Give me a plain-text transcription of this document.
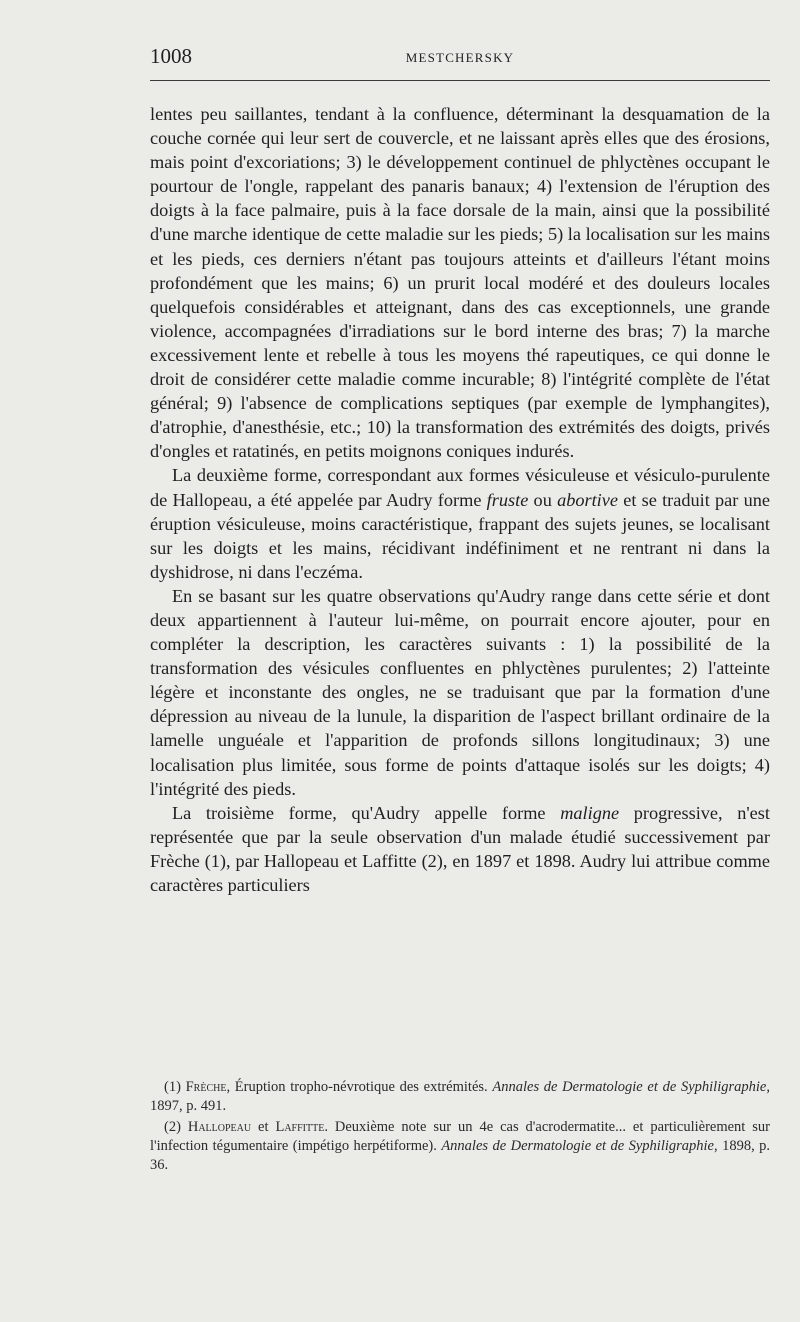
1008	MESTCHERSKY

lentes peu saillantes, tendant à la confluence, déterminant la desquamation de la couche cornée qui leur sert de couvercle, et ne laissant après elles que des érosions, mais point d'excoriations; 3) le développement continuel de phlyctènes occupant le pourtour de l'ongle, rappelant des panaris banaux; 4) l'extension de l'éruption des doigts à la face palmaire, puis à la face dorsale de la main, ainsi que la possibilité d'une marche identique de cette maladie sur les pieds; 5) la localisation sur les mains et les pieds, ces derniers n'étant pas toujours atteints et d'ailleurs l'étant moins profondément que les mains; 6) un prurit local modéré et des douleurs locales quelquefois considérables et atteignant, dans des cas exceptionnels, une grande violence, accompagnées d'irradiations sur le bord interne des bras; 7) la marche excessivement lente et rebelle à tous les moyens thé rapeutiques, ce qui donne le droit de considérer cette maladie comme incurable; 8) l'intégrité complète de l'état général; 9) l'absence de complications septiques (par exemple de lymphangites), d'atrophie, d'anesthésie, etc.; 10) la transformation des extrémités des doigts, privés d'ongles et ratatinés, en petits moignons coniques indurés.

La deuxième forme, correspondant aux formes vésiculeuse et vésiculo-purulente de Hallopeau, a été appelée par Audry forme fruste ou abortive et se traduit par une éruption vésiculeuse, moins caractéristique, frappant des sujets jeunes, se localisant sur les doigts et les mains, récidivant indéfiniment et ne rentrant ni dans la dyshidrose, ni dans l'eczéma.

En se basant sur les quatre observations qu'Audry range dans cette série et dont deux appartiennent à l'auteur lui-même, on pourrait encore ajouter, pour en compléter la description, les caractères suivants : 1) la possibilité de la transformation des vésicules confluentes en phlyctènes purulentes; 2) l'atteinte légère et inconstante des ongles, ne se traduisant que par la formation d'une dépression au niveau de la lunule, la disparition de l'aspect brillant ordinaire de la lamelle unguéale et l'apparition de profonds sillons longitudinaux; 3) une localisation plus limitée, sous forme de points d'attaque isolés sur les doigts; 4) l'intégrité des pieds.

La troisième forme, qu'Audry appelle forme maligne progressive, n'est représentée que par la seule observation d'un malade étudié successivement par Frèche (1), par Hallopeau et Laffitte (2), en 1897 et 1898. Audry lui attribue comme caractères particuliers

(1) Frèche, Éruption tropho-névrotique des extrémités. Annales de Dermatologie et de Syphiligraphie, 1897, p. 491.

(2) Hallopeau et Laffitte. Deuxième note sur un 4e cas d'acrodermatite... et particulièrement sur l'infection tégumentaire (impétigo herpétiforme). Annales de Dermatologie et de Syphiligraphie, 1898, p. 36.
